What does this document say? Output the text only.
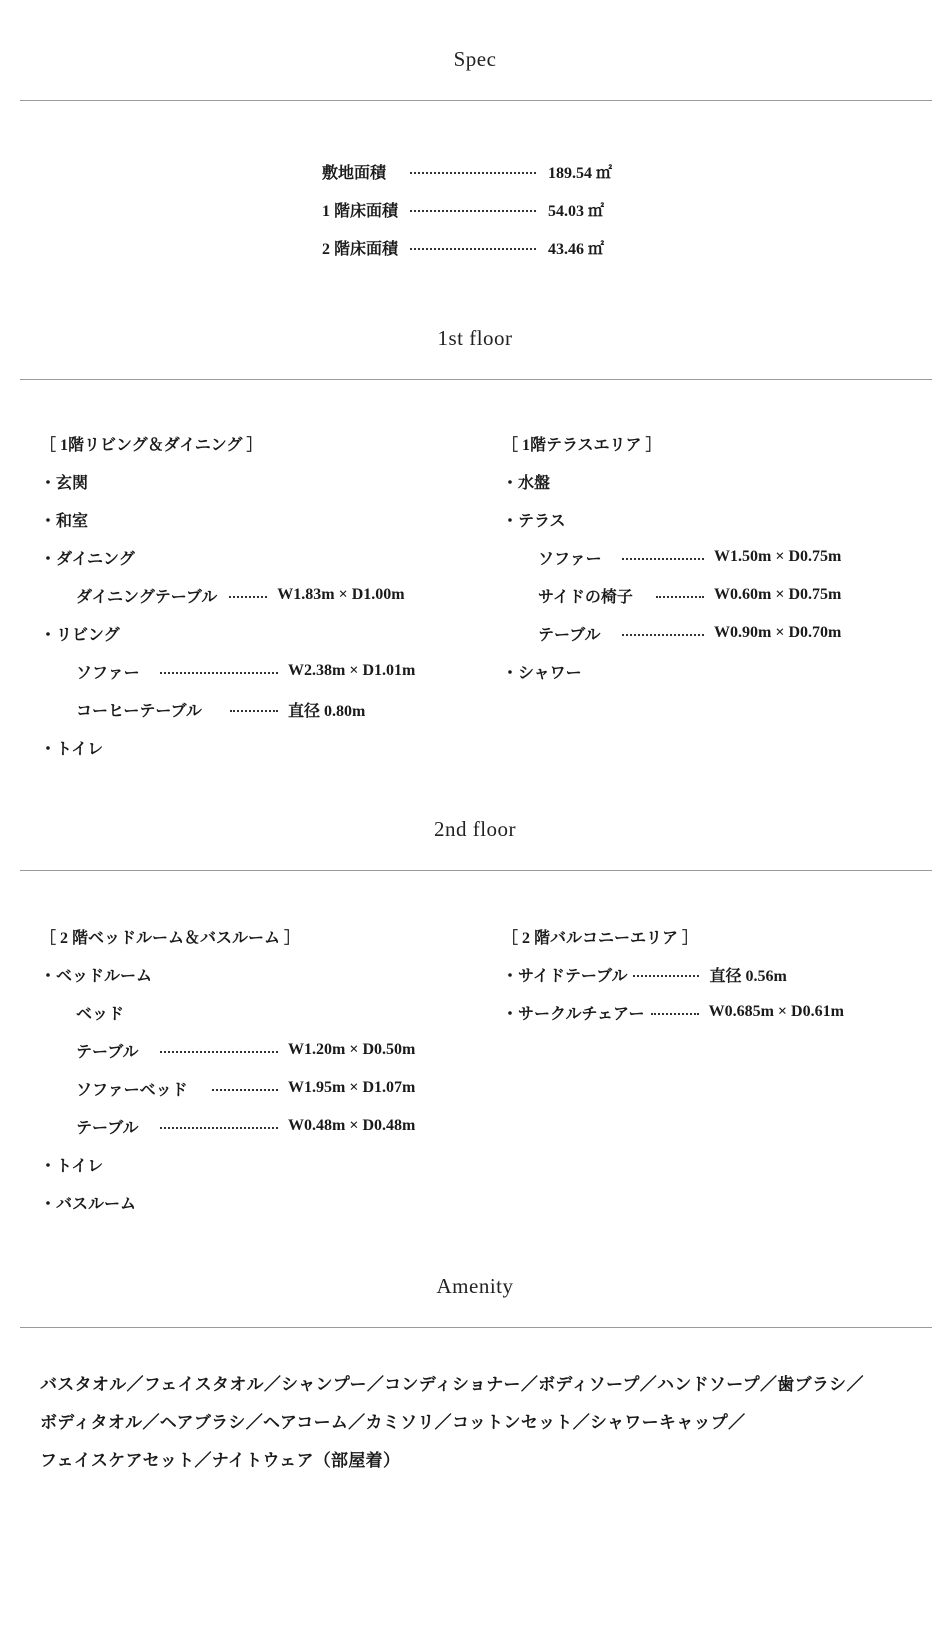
Spec
敷地面積	189.54 ㎡
1 階床面積	54.03 ㎡
2 階床面積	43.46 ㎡
1st floor
［ 1階リビング＆ダイニング ］
・玄関
・和室
・ダイニング
ダイニングテーブル	W1.83m × D1.00m
・リビング
ソファー	W2.38m × D1.01m
コーヒーテーブル	直径 0.80m
・トイレ
［ 1階テラスエリア ］
・水盤
・テラス
ソファー	W1.50m × D0.75m
サイドの椅子	W0.60m × D0.75m
テーブル	W0.90m × D0.70m
・シャワー
2nd floor
［ 2 階ベッドルーム＆バスルーム ］
・ベッドルーム
ベッド
テーブル	W1.20m × D0.50m
ソファーベッド	W1.95m × D1.07m
テーブル	W0.48m × D0.48m
・トイレ
・バスルーム
［ 2 階バルコニーエリア ］
・サイドテーブル	直径 0.56m
・サークルチェアー	W0.685m × D0.61m
Amenity
バスタオル／フェイスタオル／シャンプー／コンディショナー／ボディソープ／ハンドソープ／歯ブラシ／
ボディタオル／ヘアブラシ／ヘアコーム／カミソリ／コットンセット／シャワーキャップ／
フェイスケアセット／ナイトウェア（部屋着）
